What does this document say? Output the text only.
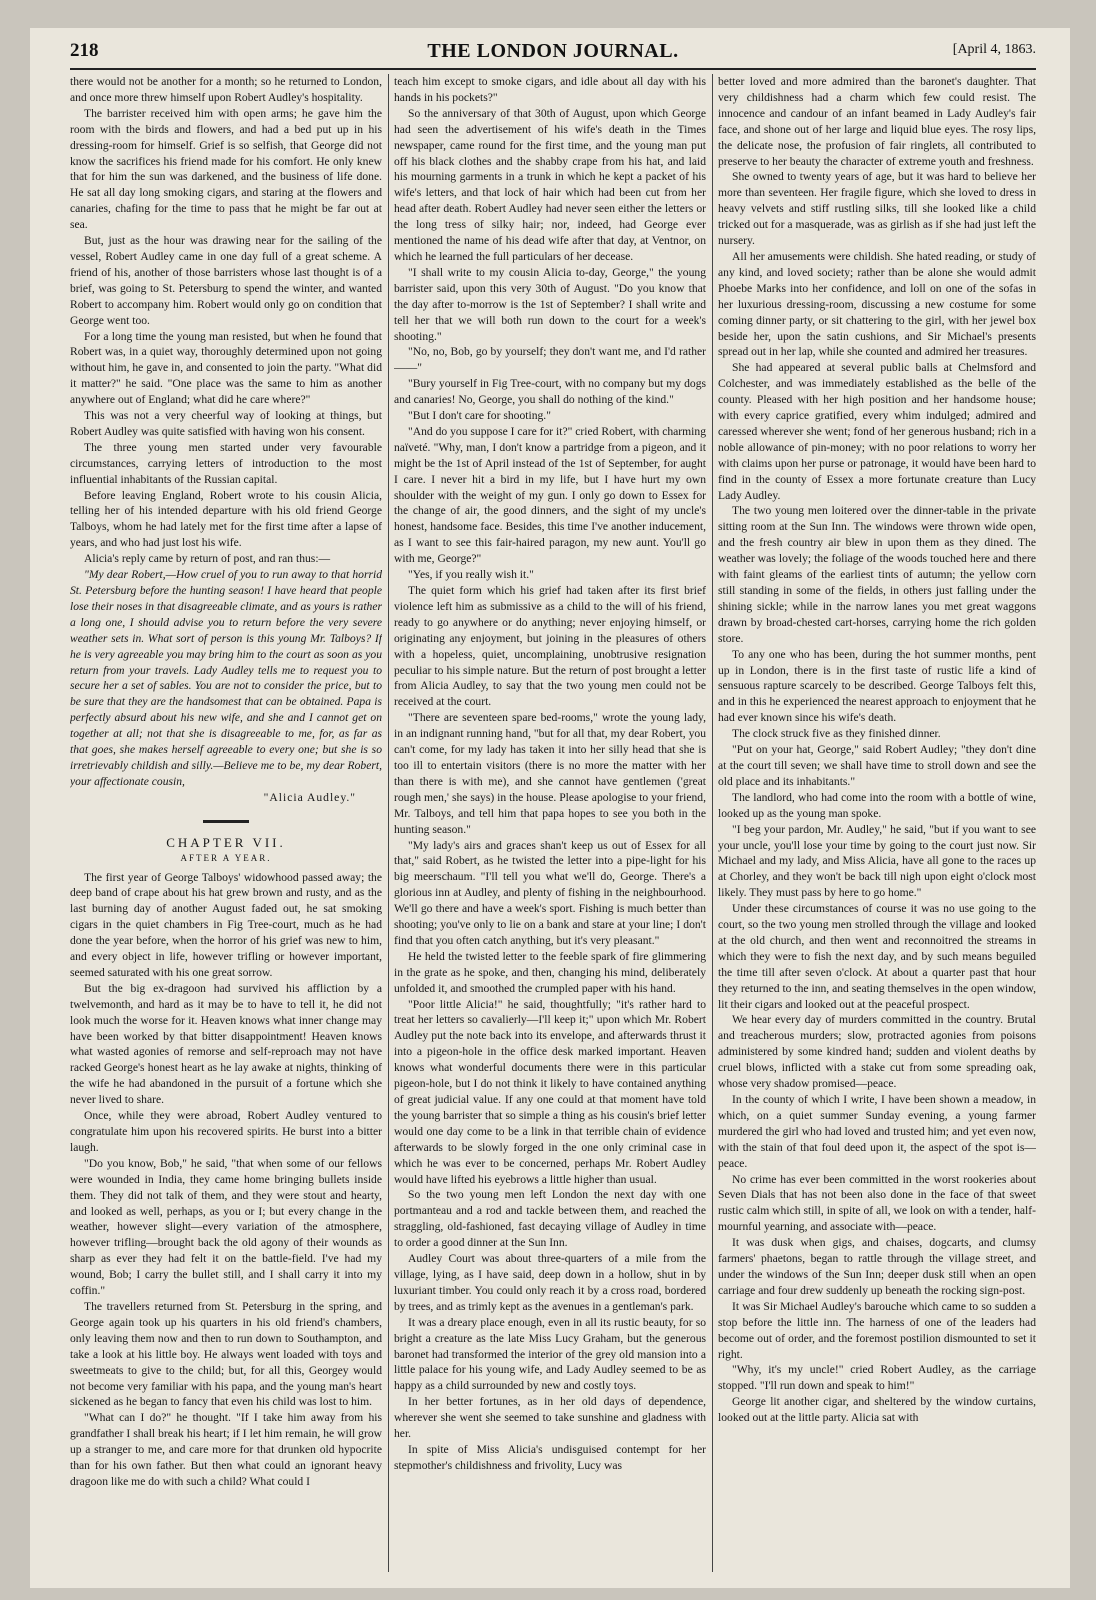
218	THE LONDON JOURNAL.	[April 4, 1863.

there would not be another for a month; so he returned to London, and once more threw himself upon Robert Audley's hospitality.

The barrister received him with open arms; he gave him the room with the birds and flowers, and had a bed put up in his dressing-room for himself. Grief is so selfish, that George did not know the sacrifices his friend made for his comfort. He only knew that for him the sun was darkened, and the business of life done. He sat all day long smoking cigars, and staring at the flowers and canaries, chafing for the time to pass that he might be far out at sea.

But, just as the hour was drawing near for the sailing of the vessel, Robert Audley came in one day full of a great scheme. A friend of his, another of those barristers whose last thought is of a brief, was going to St. Petersburg to spend the winter, and wanted Robert to accompany him. Robert would only go on condition that George went too.

For a long time the young man resisted, but when he found that Robert was, in a quiet way, thoroughly determined upon not going without him, he gave in, and consented to join the party. "What did it matter?" he said. "One place was the same to him as another anywhere out of England; what did he care where?"

This was not a very cheerful way of looking at things, but Robert Audley was quite satisfied with having won his consent.

The three young men started under very favourable circumstances, carrying letters of introduction to the most influential inhabitants of the Russian capital.

Before leaving England, Robert wrote to his cousin Alicia, telling her of his intended departure with his old friend George Talboys, whom he had lately met for the first time after a lapse of years, and who had just lost his wife.

Alicia's reply came by return of post, and ran thus:—

"My dear Robert,—How cruel of you to run away to that horrid St. Petersburg before the hunting season! I have heard that people lose their noses in that disagreeable climate, and as yours is rather a long one, I should advise you to return before the very severe weather sets in. What sort of person is this young Mr. Talboys? If he is very agreeable you may bring him to the court as soon as you return from your travels. Lady Audley tells me to request you to secure her a set of sables. You are not to consider the price, but to be sure that they are the handsomest that can be obtained. Papa is perfectly absurd about his new wife, and she and I cannot get on together at all; not that she is disagreeable to me, for, as far as that goes, she makes herself agreeable to every one; but she is so irretrievably childish and silly.—Believe me to be, my dear Robert, your affectionate cousin,

"Alicia Audley."

CHAPTER VII.
AFTER A YEAR.

The first year of George Talboys' widowhood passed away; the deep band of crape about his hat grew brown and rusty, and as the last burning day of another August faded out, he sat smoking cigars in the quiet chambers in Fig Tree-court, much as he had done the year before, when the horror of his grief was new to him, and every object in life, however trifling or however important, seemed saturated with his one great sorrow.

But the big ex-dragoon had survived his affliction by a twelvemonth, and hard as it may be to have to tell it, he did not look much the worse for it. Heaven knows what inner change may have been worked by that bitter disappointment! Heaven knows what wasted agonies of remorse and self-reproach may not have racked George's honest heart as he lay awake at nights, thinking of the wife he had abandoned in the pursuit of a fortune which she never lived to share.

Once, while they were abroad, Robert Audley ventured to congratulate him upon his recovered spirits. He burst into a bitter laugh.

"Do you know, Bob," he said, "that when some of our fellows were wounded in India, they came home bringing bullets inside them. They did not talk of them, and they were stout and hearty, and looked as well, perhaps, as you or I; but every change in the weather, however slight—every variation of the atmosphere, however trifling—brought back the old agony of their wounds as sharp as ever they had felt it on the battle-field. I've had my wound, Bob; I carry the bullet still, and I shall carry it into my coffin."

The travellers returned from St. Petersburg in the spring, and George again took up his quarters in his old friend's chambers, only leaving them now and then to run down to Southampton, and take a look at his little boy. He always went loaded with toys and sweetmeats to give to the child; but, for all this, Georgey would not become very familiar with his papa, and the young man's heart sickened as he began to fancy that even his child was lost to him.

"What can I do?" he thought. "If I take him away from his grandfather I shall break his heart; if I let him remain, he will grow up a stranger to me, and care more for that drunken old hypocrite than for his own father. But then what could an ignorant heavy dragoon like me do with such a child? What could I

teach him except to smoke cigars, and idle about all day with his hands in his pockets?"

So the anniversary of that 30th of August, upon which George had seen the advertisement of his wife's death in the Times newspaper, came round for the first time, and the young man put off his black clothes and the shabby crape from his hat, and laid his mourning garments in a trunk in which he kept a packet of his wife's letters, and that lock of hair which had been cut from her head after death. Robert Audley had never seen either the letters or the long tress of silky hair; nor, indeed, had George ever mentioned the name of his dead wife after that day, at Ventnor, on which he learned the full particulars of her decease.

"I shall write to my cousin Alicia to-day, George," the young barrister said, upon this very 30th of August. "Do you know that the day after to-morrow is the 1st of September? I shall write and tell her that we will both run down to the court for a week's shooting."

"No, no, Bob, go by yourself; they don't want me, and I'd rather——"

"Bury yourself in Fig Tree-court, with no company but my dogs and canaries! No, George, you shall do nothing of the kind."

"But I don't care for shooting."

"And do you suppose I care for it?" cried Robert, with charming naïveté. "Why, man, I don't know a partridge from a pigeon, and it might be the 1st of April instead of the 1st of September, for aught I care. I never hit a bird in my life, but I have hurt my own shoulder with the weight of my gun. I only go down to Essex for the change of air, the good dinners, and the sight of my uncle's honest, handsome face. Besides, this time I've another inducement, as I want to see this fair-haired paragon, my new aunt. You'll go with me, George?"

"Yes, if you really wish it."

The quiet form which his grief had taken after its first brief violence left him as submissive as a child to the will of his friend, ready to go anywhere or do anything; never enjoying himself, or originating any enjoyment, but joining in the pleasures of others with a hopeless, quiet, uncomplaining, unobtrusive resignation peculiar to his simple nature. But the return of post brought a letter from Alicia Audley, to say that the two young men could not be received at the court.

"There are seventeen spare bed-rooms," wrote the young lady, in an indignant running hand, "but for all that, my dear Robert, you can't come, for my lady has taken it into her silly head that she is too ill to entertain visitors (there is no more the matter with her than there is with me), and she cannot have gentlemen ('great rough men,' she says) in the house. Please apologise to your friend, Mr. Talboys, and tell him that papa hopes to see you both in the hunting season."

"My lady's airs and graces shan't keep us out of Essex for all that," said Robert, as he twisted the letter into a pipe-light for his big meerschaum. "I'll tell you what we'll do, George. There's a glorious inn at Audley, and plenty of fishing in the neighbourhood. We'll go there and have a week's sport. Fishing is much better than shooting; you've only to lie on a bank and stare at your line; I don't find that you often catch anything, but it's very pleasant."

He held the twisted letter to the feeble spark of fire glimmering in the grate as he spoke, and then, changing his mind, deliberately unfolded it, and smoothed the crumpled paper with his hand.

"Poor little Alicia!" he said, thoughtfully; "it's rather hard to treat her letters so cavalierly—I'll keep it;" upon which Mr. Robert Audley put the note back into its envelope, and afterwards thrust it into a pigeon-hole in the office desk marked important. Heaven knows what wonderful documents there were in this particular pigeon-hole, but I do not think it likely to have contained anything of great judicial value. If any one could at that moment have told the young barrister that so simple a thing as his cousin's brief letter would one day come to be a link in that terrible chain of evidence afterwards to be slowly forged in the one only criminal case in which he was ever to be concerned, perhaps Mr. Robert Audley would have lifted his eyebrows a little higher than usual.

So the two young men left London the next day with one portmanteau and a rod and tackle between them, and reached the straggling, old-fashioned, fast decaying village of Audley in time to order a good dinner at the Sun Inn.

Audley Court was about three-quarters of a mile from the village, lying, as I have said, deep down in a hollow, shut in by luxuriant timber. You could only reach it by a cross road, bordered by trees, and as trimly kept as the avenues in a gentleman's park.

It was a dreary place enough, even in all its rustic beauty, for so bright a creature as the late Miss Lucy Graham, but the generous baronet had transformed the interior of the grey old mansion into a little palace for his young wife, and Lady Audley seemed to be as happy as a child surrounded by new and costly toys.

In her better fortunes, as in her old days of dependence, wherever she went she seemed to take sunshine and gladness with her.

In spite of Miss Alicia's undisguised contempt for her stepmother's childishness and frivolity, Lucy was

better loved and more admired than the baronet's daughter. That very childishness had a charm which few could resist. The innocence and candour of an infant beamed in Lady Audley's fair face, and shone out of her large and liquid blue eyes. The rosy lips, the delicate nose, the profusion of fair ringlets, all contributed to preserve to her beauty the character of extreme youth and freshness.

She owned to twenty years of age, but it was hard to believe her more than seventeen. Her fragile figure, which she loved to dress in heavy velvets and stiff rustling silks, till she looked like a child tricked out for a masquerade, was as girlish as if she had just left the nursery.

All her amusements were childish. She hated reading, or study of any kind, and loved society; rather than be alone she would admit Phoebe Marks into her confidence, and loll on one of the sofas in her luxurious dressing-room, discussing a new costume for some coming dinner party, or sit chattering to the girl, with her jewel box beside her, upon the satin cushions, and Sir Michael's presents spread out in her lap, while she counted and admired her treasures.

She had appeared at several public balls at Chelmsford and Colchester, and was immediately established as the belle of the county. Pleased with her high position and her handsome house; with every caprice gratified, every whim indulged; admired and caressed wherever she went; fond of her generous husband; rich in a noble allowance of pin-money; with no poor relations to worry her with claims upon her purse or patronage, it would have been hard to find in the county of Essex a more fortunate creature than Lucy Lady Audley.

The two young men loitered over the dinner-table in the private sitting room at the Sun Inn. The windows were thrown wide open, and the fresh country air blew in upon them as they dined. The weather was lovely; the foliage of the woods touched here and there with faint gleams of the earliest tints of autumn; the yellow corn still standing in some of the fields, in others just falling under the shining sickle; while in the narrow lanes you met great waggons drawn by broad-chested cart-horses, carrying home the rich golden store.

To any one who has been, during the hot summer months, pent up in London, there is in the first taste of rustic life a kind of sensuous rapture scarcely to be described. George Talboys felt this, and in this he experienced the nearest approach to enjoyment that he had ever known since his wife's death.

The clock struck five as they finished dinner.

"Put on your hat, George," said Robert Audley; "they don't dine at the court till seven; we shall have time to stroll down and see the old place and its inhabitants."

The landlord, who had come into the room with a bottle of wine, looked up as the young man spoke.

"I beg your pardon, Mr. Audley," he said, "but if you want to see your uncle, you'll lose your time by going to the court just now. Sir Michael and my lady, and Miss Alicia, have all gone to the races up at Chorley, and they won't be back till nigh upon eight o'clock most likely. They must pass by here to go home."

Under these circumstances of course it was no use going to the court, so the two young men strolled through the village and looked at the old church, and then went and reconnoitred the streams in which they were to fish the next day, and by such means beguiled the time till after seven o'clock. At about a quarter past that hour they returned to the inn, and seating themselves in the open window, lit their cigars and looked out at the peaceful prospect.

We hear every day of murders committed in the country. Brutal and treacherous murders; slow, protracted agonies from poisons administered by some kindred hand; sudden and violent deaths by cruel blows, inflicted with a stake cut from some spreading oak, whose very shadow promised—peace.

In the county of which I write, I have been shown a meadow, in which, on a quiet summer Sunday evening, a young farmer murdered the girl who had loved and trusted him; and yet even now, with the stain of that foul deed upon it, the aspect of the spot is—peace.

No crime has ever been committed in the worst rookeries about Seven Dials that has not been also done in the face of that sweet rustic calm which still, in spite of all, we look on with a tender, half-mournful yearning, and associate with—peace.

It was dusk when gigs, and chaises, dogcarts, and clumsy farmers' phaetons, began to rattle through the village street, and under the windows of the Sun Inn; deeper dusk still when an open carriage and four drew suddenly up beneath the rocking sign-post.

It was Sir Michael Audley's barouche which came to so sudden a stop before the little inn. The harness of one of the leaders had become out of order, and the foremost postilion dismounted to set it right.

"Why, it's my uncle!" cried Robert Audley, as the carriage stopped. "I'll run down and speak to him!"

George lit another cigar, and sheltered by the window curtains, looked out at the little party. Alicia sat with
